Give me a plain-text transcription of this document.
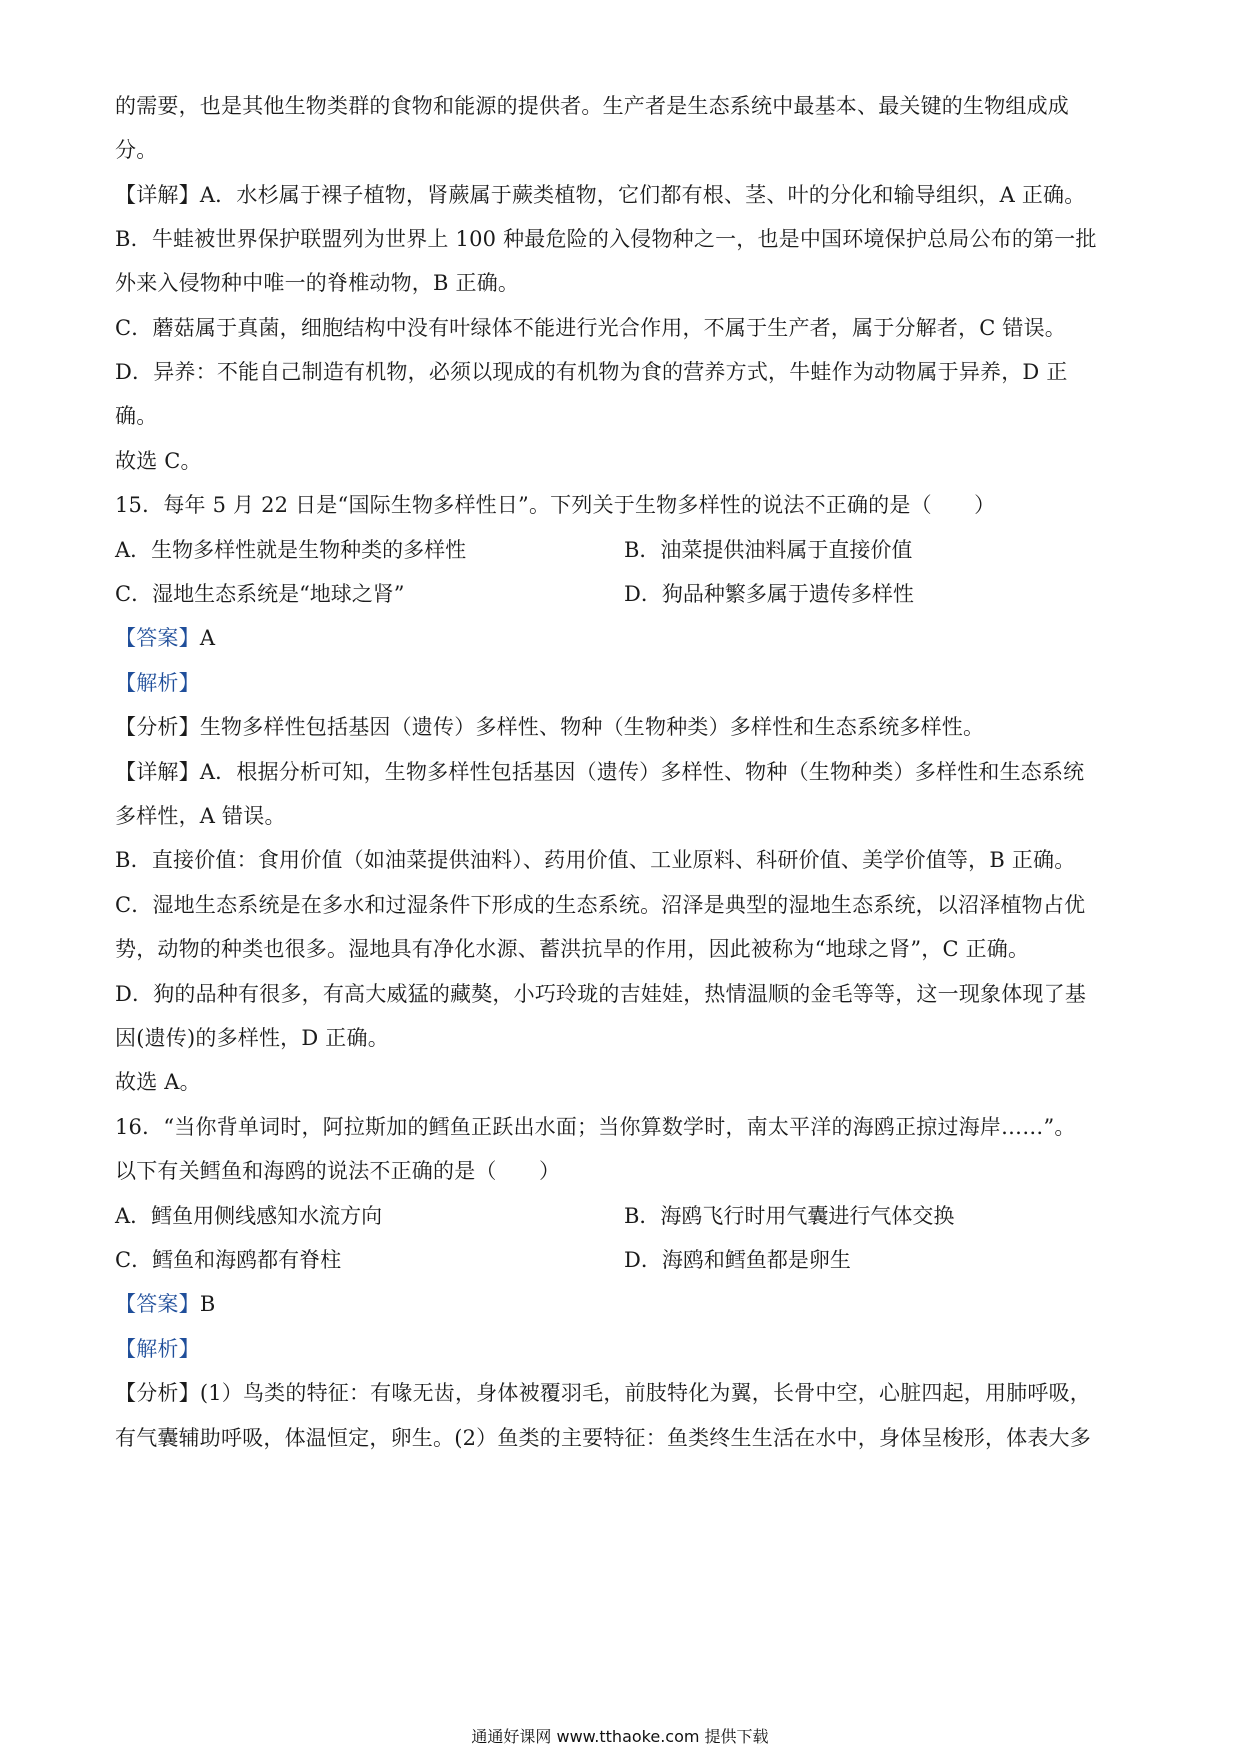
的需要，也是其他生物类群的食物和能源的提供者。生产者是生态系统中最基本、最关键的生物组成成
分。
【详解】A．水杉属于裸子植物，肾蕨属于蕨类植物，它们都有根、茎、叶的分化和输导组织，A 正确。
B．牛蛙被世界保护联盟列为世界上 100 种最危险的入侵物种之一，也是中国环境保护总局公布的第一批
外来入侵物种中唯一的脊椎动物，B 正确。
C．蘑菇属于真菌，细胞结构中没有叶绿体不能进行光合作用，不属于生产者，属于分解者，C 错误。
D．异养：不能自己制造有机物，必须以现成的有机物为食的营养方式，牛蛙作为动物属于异养，D 正
确。
故选 C。
15．每年 5 月 22 日是“国际生物多样性日”。下列关于生物多样性的说法不正确的是（　　）
A．生物多样性就是生物种类的多样性	B．油菜提供油料属于直接价值
C．湿地生态系统是“地球之肾”	D．狗品种繁多属于遗传多样性
【答案】A
【解析】
【分析】生物多样性包括基因（遗传）多样性、物种（生物种类）多样性和生态系统多样性。
【详解】A．根据分析可知，生物多样性包括基因（遗传）多样性、物种（生物种类）多样性和生态系统
多样性，A 错误。
B．直接价值：食用价值（如油菜提供油料）、药用价值、工业原料、科研价值、美学价值等，B 正确。
C．湿地生态系统是在多水和过湿条件下形成的生态系统。沼泽是典型的湿地生态系统，以沼泽植物占优
势，动物的种类也很多。湿地具有净化水源、蓄洪抗旱的作用，因此被称为“地球之肾”，C 正确。
D．狗的品种有很多，有高大威猛的藏獒，小巧玲珑的吉娃娃，热情温顺的金毛等等，这一现象体现了基
因(遗传)的多样性，D 正确。
故选 A。
16．“当你背单词时，阿拉斯加的鳕鱼正跃出水面；当你算数学时，南太平洋的海鸥正掠过海岸……”。
以下有关鳕鱼和海鸥的说法不正确的是（　　）
A．鳕鱼用侧线感知水流方向	B．海鸥飞行时用气囊进行气体交换
C．鳕鱼和海鸥都有脊柱	D．海鸥和鳕鱼都是卵生
【答案】B
【解析】
【分析】(1）鸟类的特征：有喙无齿，身体被覆羽毛，前肢特化为翼，长骨中空，心脏四起，用肺呼吸，
有气囊辅助呼吸，体温恒定，卵生。(2）鱼类的主要特征：鱼类终生生活在水中，身体呈梭形，体表大多
通通好课网 www.tthaoke.com 提供下载
